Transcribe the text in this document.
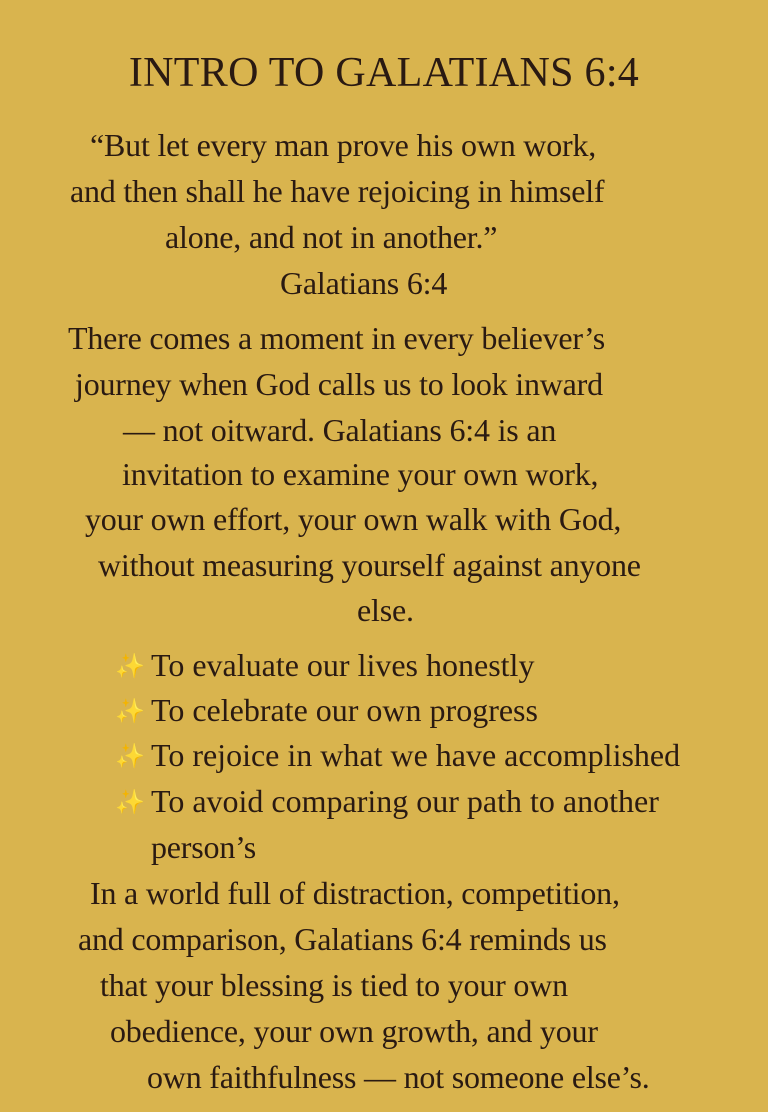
INTRO TO GALATIANS 6:4
“But let every man prove his own work,
and then shall he have rejoicing in himself
alone, and not in another.”
Galatians 6:4
There comes a moment in every believer’s
journey when God calls us to look inward
— not oitward. Galatians 6:4 is an
invitation to examine your own work,
your own effort, your own walk with God,
without measuring yourself against anyone
else.
✨ To evaluate our lives honestly
✨ To celebrate our own progress
✨ To rejoice in what we have accomplished
✨ To avoid comparing our path to another
person’s
In a world full of distraction, competition,
and comparison, Galatians 6:4 reminds us
that your blessing is tied to your own
obedience, your own growth, and your
own faithfulness — not someone else’s.
